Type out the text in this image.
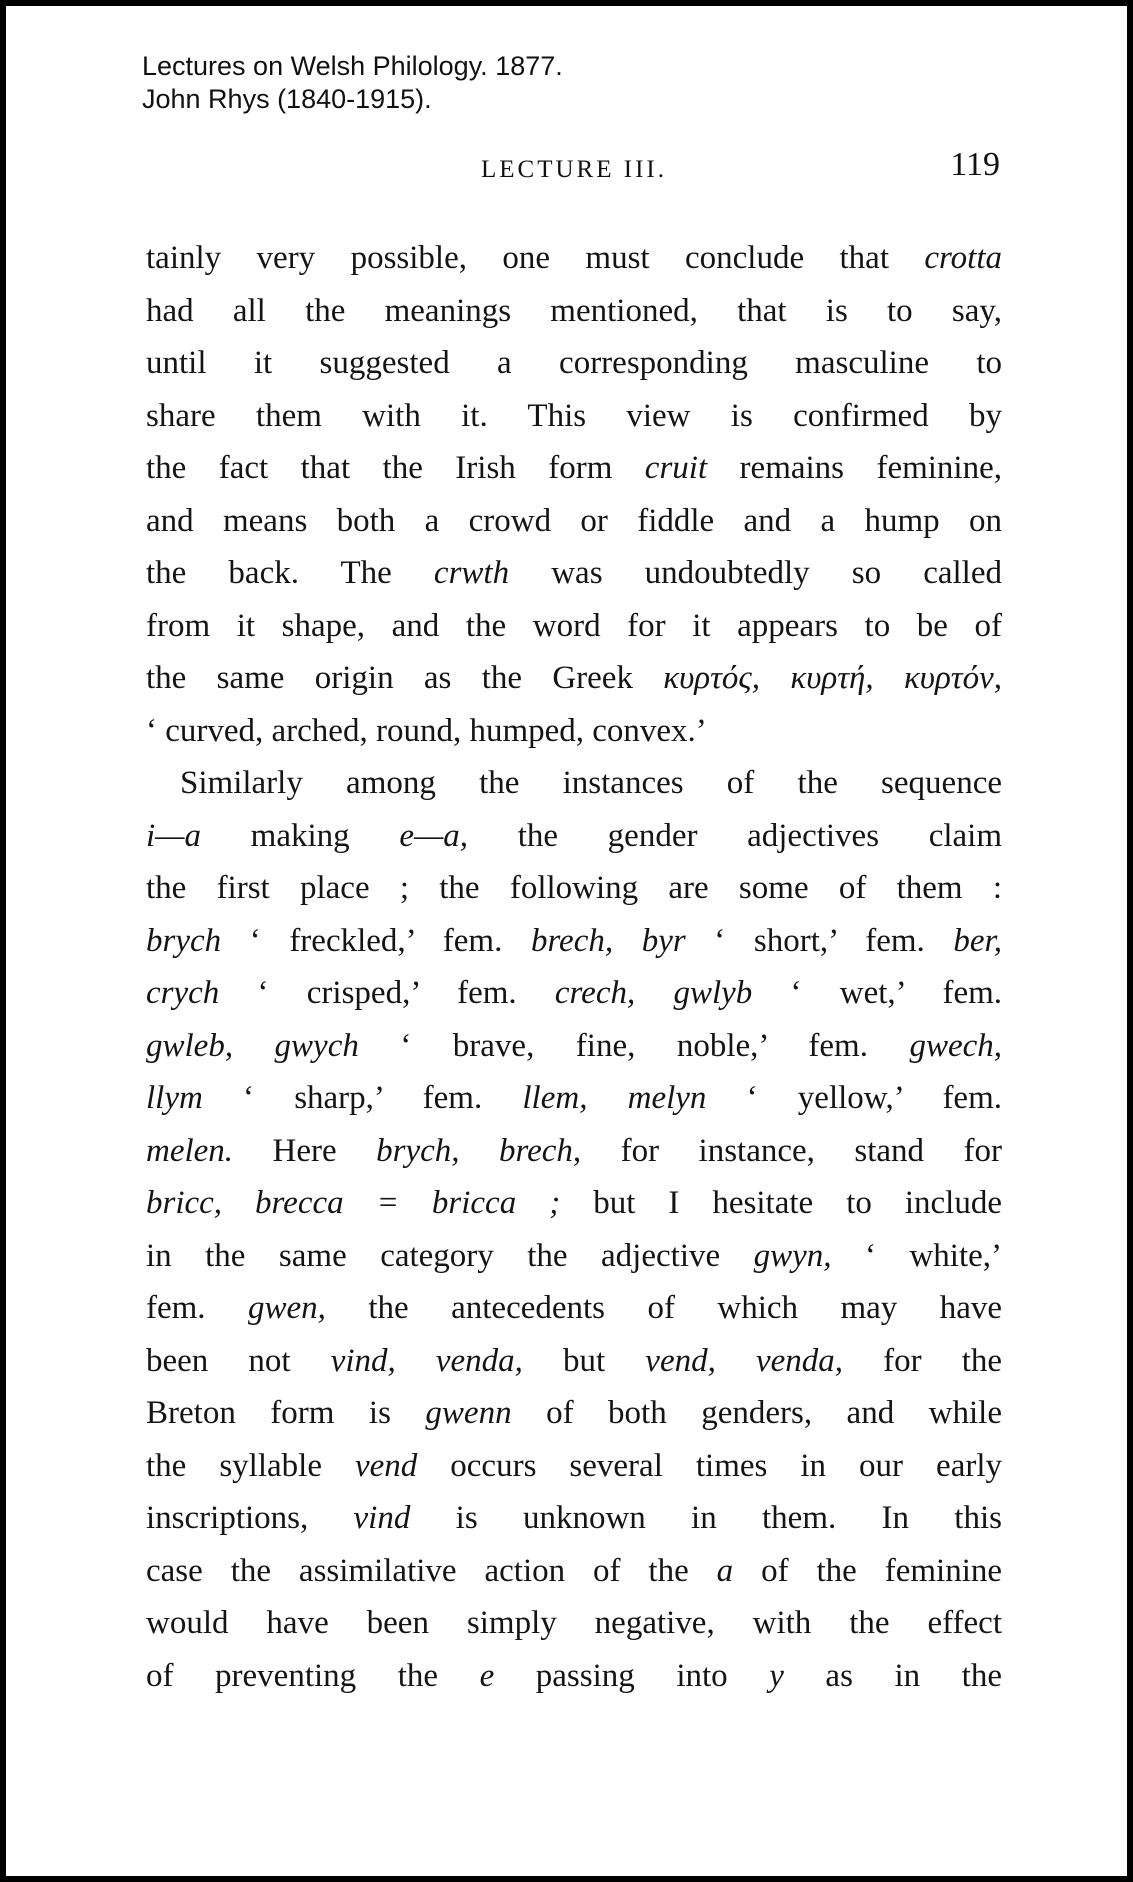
Lectures on Welsh Philology. 1877.
John Rhys (1840-1915).
LECTURE III.	119
tainly very possible, one must conclude that crotta
had all the meanings mentioned, that is to say,
until it suggested a corresponding masculine to
share them with it. This view is confirmed by
the fact that the Irish form cruit remains feminine,
and means both a crowd or fiddle and a hump on
the back. The crwth was undoubtedly so called
from it shape, and the word for it appears to be of
the same origin as the Greek κυρτός, κυρτή, κυρτόν,
‘ curved, arched, round, humped, convex.’
Similarly among the instances of the sequence
i—a making e—a, the gender adjectives claim
the first place ; the following are some of them :
brych ‘ freckled,’ fem. brech, byr ‘ short,’ fem. ber,
crych ‘ crisped,’ fem. crech, gwlyb ‘ wet,’ fem.
gwleb, gwych ‘ brave, fine, noble,’ fem. gwech,
llym ‘ sharp,’ fem. llem, melyn ‘ yellow,’ fem.
melen. Here brych, brech, for instance, stand for
bricc, brecca = bricca ; but I hesitate to include
in the same category the adjective gwyn, ‘ white,’
fem. gwen, the antecedents of which may have
been not vind, venda, but vend, venda, for the
Breton form is gwenn of both genders, and while
the syllable vend occurs several times in our early
inscriptions, vind is unknown in them. In this
case the assimilative action of the a of the feminine
would have been simply negative, with the effect
of preventing the e passing into y as in the
